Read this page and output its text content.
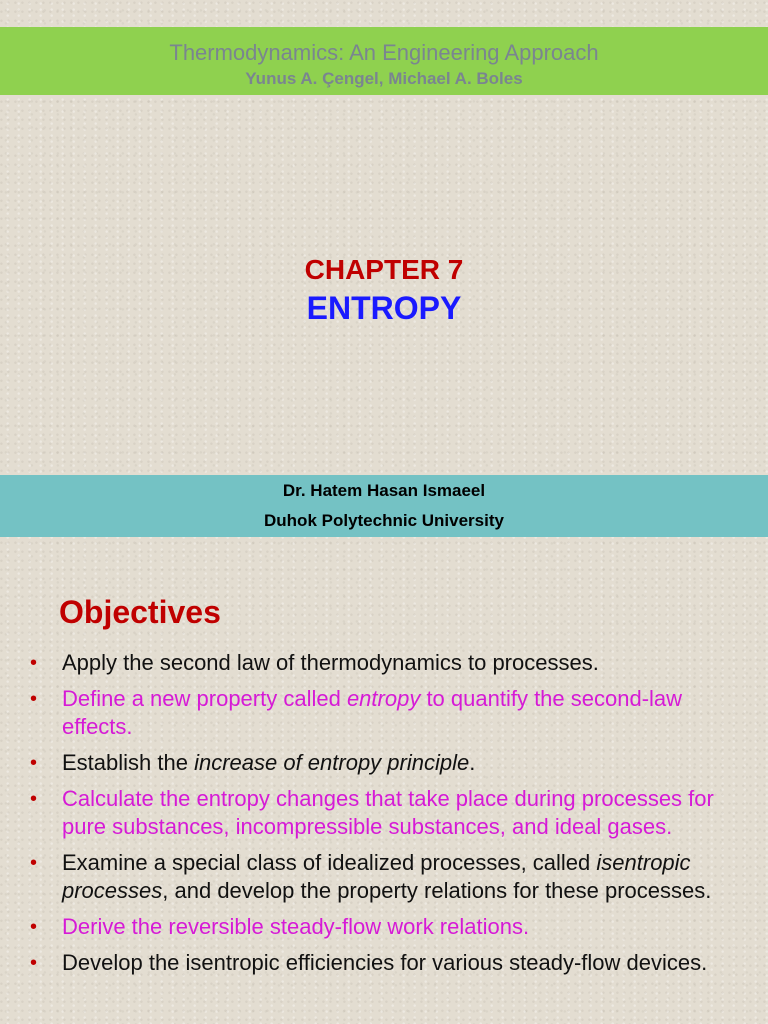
Thermodynamics: An Engineering Approach
Yunus A. Çengel, Michael A. Boles
CHAPTER 7
ENTROPY
Dr. Hatem Hasan Ismaeel
Duhok Polytechnic University
Objectives
• Apply the second law of thermodynamics to processes.
• Define a new property called entropy to quantify the second-law effects.
• Establish the increase of entropy principle.
• Calculate the entropy changes that take place during processes for pure substances, incompressible substances, and ideal gases.
• Examine a special class of idealized processes, called isentropic processes, and develop the property relations for these processes.
• Derive the reversible steady-flow work relations.
• Develop the isentropic efficiencies for various steady-flow devices.
